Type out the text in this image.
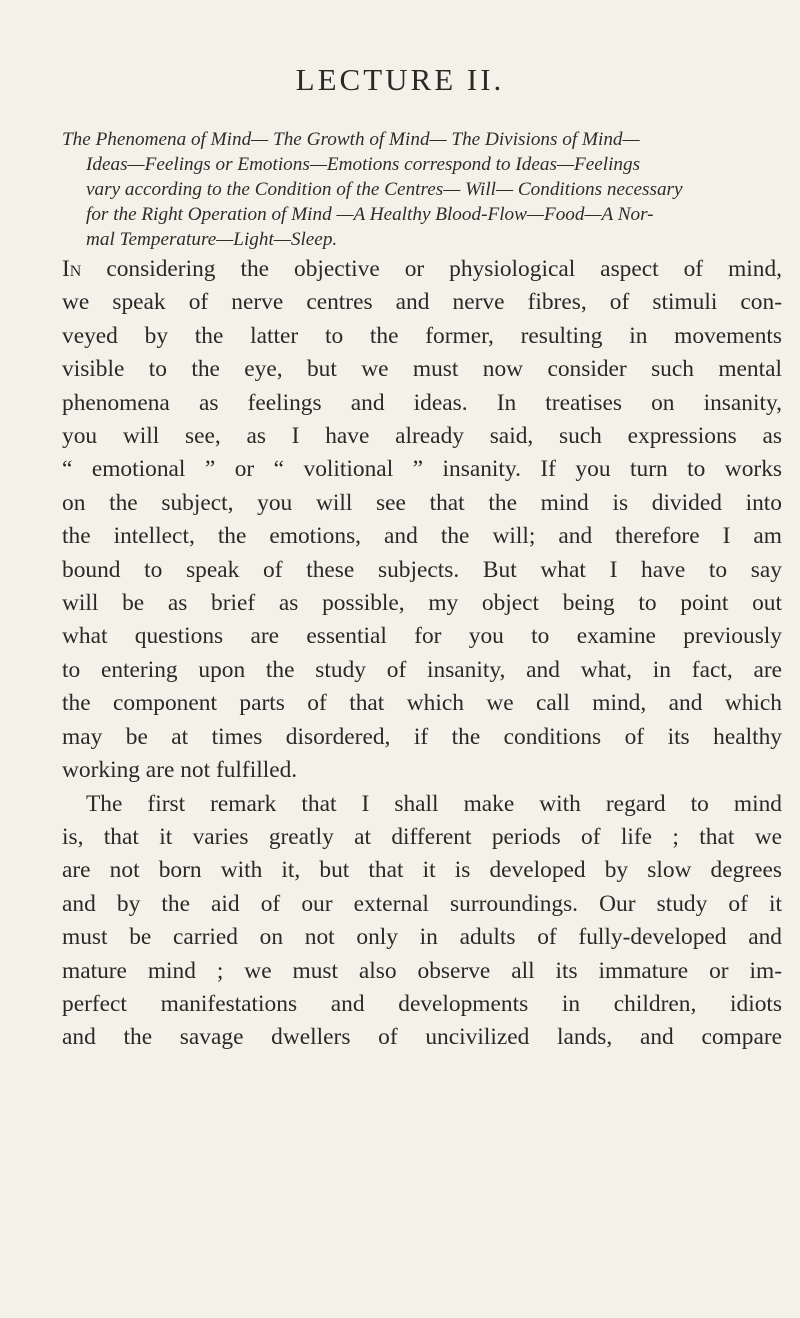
LECTURE II.
The Phenomena of Mind— The Growth of Mind— The Divisions of Mind—
Ideas—Feelings or Emotions—Emotions correspond to Ideas—Feelings
vary according to the Condition of the Centres— Will— Conditions necessary
for the Right Operation of Mind —A Healthy Blood-Flow—Food—A Nor-
mal Temperature—Light—Sleep.
In considering the objective or physiological aspect of mind,
we speak of nerve centres and nerve fibres, of stimuli con-
veyed by the latter to the former, resulting in movements
visible to the eye, but we must now consider such mental
phenomena as feelings and ideas. In treatises on insanity,
you will see, as I have already said, such expressions as
“ emotional ” or “ volitional ” insanity. If you turn to works
on the subject, you will see that the mind is divided into
the intellect, the emotions, and the will; and therefore I am
bound to speak of these subjects. But what I have to say
will be as brief as possible, my object being to point out
what questions are essential for you to examine previously
to entering upon the study of insanity, and what, in fact, are
the component parts of that which we call mind, and which
may be at times disordered, if the conditions of its healthy
working are not fulfilled.
The first remark that I shall make with regard to mind
is, that it varies greatly at different periods of life ; that we
are not born with it, but that it is developed by slow degrees
and by the aid of our external surroundings. Our study of it
must be carried on not only in adults of fully-developed and
mature mind ; we must also observe all its immature or im-
perfect manifestations and developments in children, idiots
and the savage dwellers of uncivilized lands, and compare
